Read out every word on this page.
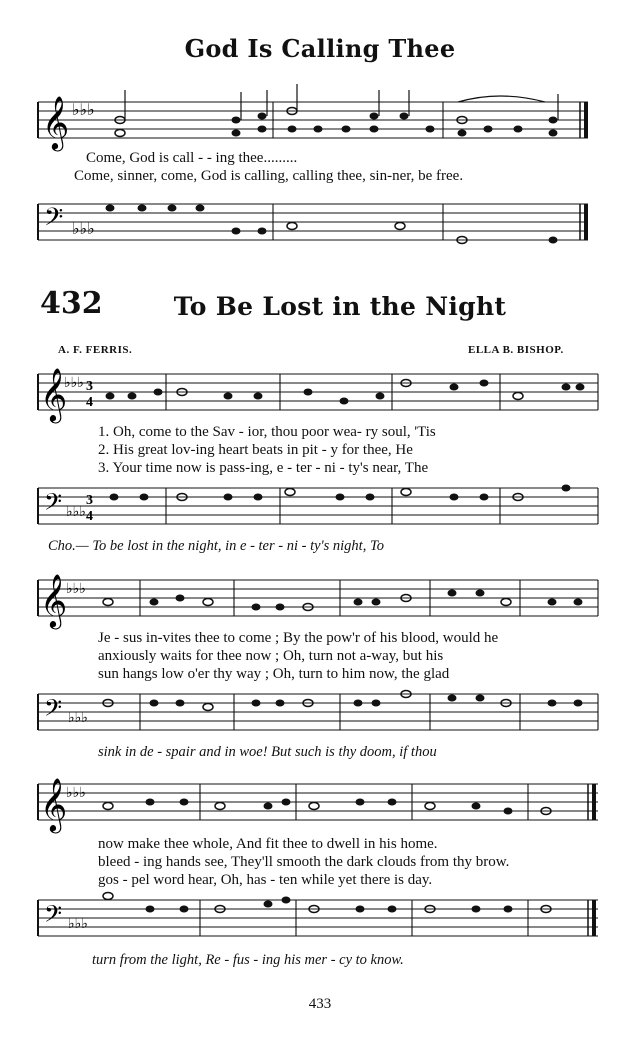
God Is Calling Thee
𝄞 ♭♭♭
Come, God is call - - ing thee.........
Come, sinner, come, God is calling, calling thee, sin-ner, be free.
𝄢 ♭♭♭
432	To Be Lost in the Night
A. F. FERRIS.	ELLA B. BISHOP.
𝄞
♭♭♭ 3
4
1. Oh, come to the Sav - ior, thou poor wea- ry soul, 'Tis
2. His great lov-ing heart beats in pit - y for thee, He
3. Your time now is pass-ing, e - ter - ni - ty's near, The
𝄢 ♭♭♭
3
4
Cho.— To be lost in the night, in e - ter - ni - ty's night, To
𝄞
♭♭♭
Je - sus in-vites thee to come ; By the pow'r of his blood, would he
anxiously waits for thee now ; Oh, turn not a-way, but his
sun hangs low o'er thy way ; Oh, turn to him now, the glad
𝄢 ♭♭♭
sink in de - spair and in woe! But such is thy doom, if thou
𝄞
♭♭♭
now make thee whole, And fit thee to dwell in his home.
bleed - ing hands see, They'll smooth the dark clouds from thy brow.
gos - pel word hear, Oh, has - ten while yet there is day.
𝄢 ♭♭♭
turn from the light, Re - fus - ing his mer - cy to know.
433
